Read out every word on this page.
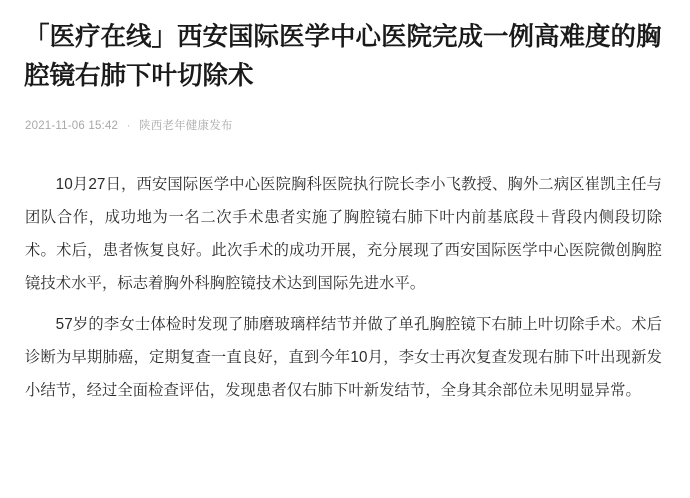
「医疗在线」西安国际医学中心医院完成一例高难度的胸腔镜右肺下叶切除术
2021-11-06 15:42 · 陕西老年健康发布

10月27日，西安国际医学中心医院胸科医院执行院长李小飞教授、胸外二病区崔凯主任与团队合作，成功地为一名二次手术患者实施了胸腔镜右肺下叶内前基底段＋背段内侧段切除术。术后，患者恢复良好。此次手术的成功开展，充分展现了西安国际医学中心医院微创胸腔镜技术水平，标志着胸外科胸腔镜技术达到国际先进水平。

57岁的李女士体检时发现了肺磨玻璃样结节并做了单孔胸腔镜下右肺上叶切除手术。术后诊断为早期肺癌，定期复查一直良好，直到今年10月，李女士再次复查发现右肺下叶出现新发小结节，经过全面检查评估，发现患者仅右肺下叶新发结节，全身其余部位未见明显异常。
